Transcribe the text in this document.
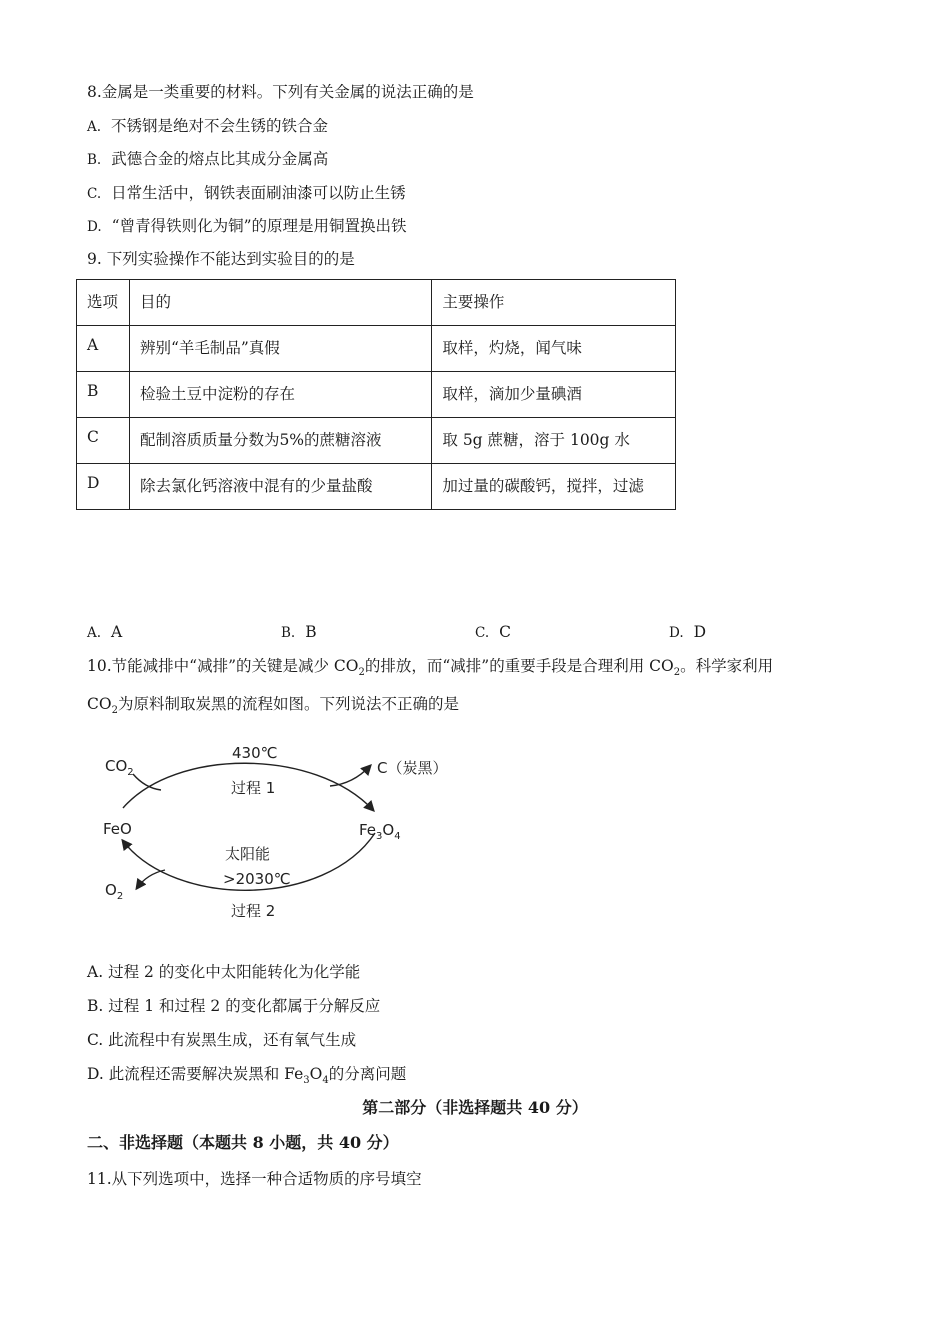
8.金属是一类重要的材料。下列有关金属的说法正确的是
A. 不锈钢是绝对不会生锈的铁合金
B. 武德合金的熔点比其成分金属高
C. 日常生活中，钢铁表面刷油漆可以防止生锈
D. “曾青得铁则化为铜”的原理是用铜置换出铁
9. 下列实验操作不能达到实验目的的是
选项	目的	主要操作
A	辨别“羊毛制品”真假	取样，灼烧，闻气味
B	检验土豆中淀粉的存在	取样，滴加少量碘酒
C	配制溶质质量分数为5%的蔗糖溶液	取 5g 蔗糖，溶于 100g 水
D	除去氯化钙溶液中混有的少量盐酸	加过量的碳酸钙，搅拌，过滤
A. A	B. B	C. C	D. D
10.节能减排中“减排”的关键是减少 $CO_2$的排放，而“减排”的重要手段是合理利用 $CO_2$。科学家利用
$CO_2$为原料制取炭黑的流程如图。下列说法不正确的是
$CO_2$
430℃
过程 1
C（炭黑）
FeO	$Fe_3O_4$
太阳能
>2030℃
$O_2$
过程 2
A. 过程 2 的变化中太阳能转化为化学能
B. 过程 1 和过程 2 的变化都属于分解反应
C. 此流程中有炭黑生成，还有氧气生成
D. 此流程还需要解决炭黑和 $Fe_3O_4$的分离问题
第二部分（非选择题共 40 分）
二、非选择题（本题共 8 小题，共 40 分）
11.从下列选项中，选择一种合适物质的序号填空
